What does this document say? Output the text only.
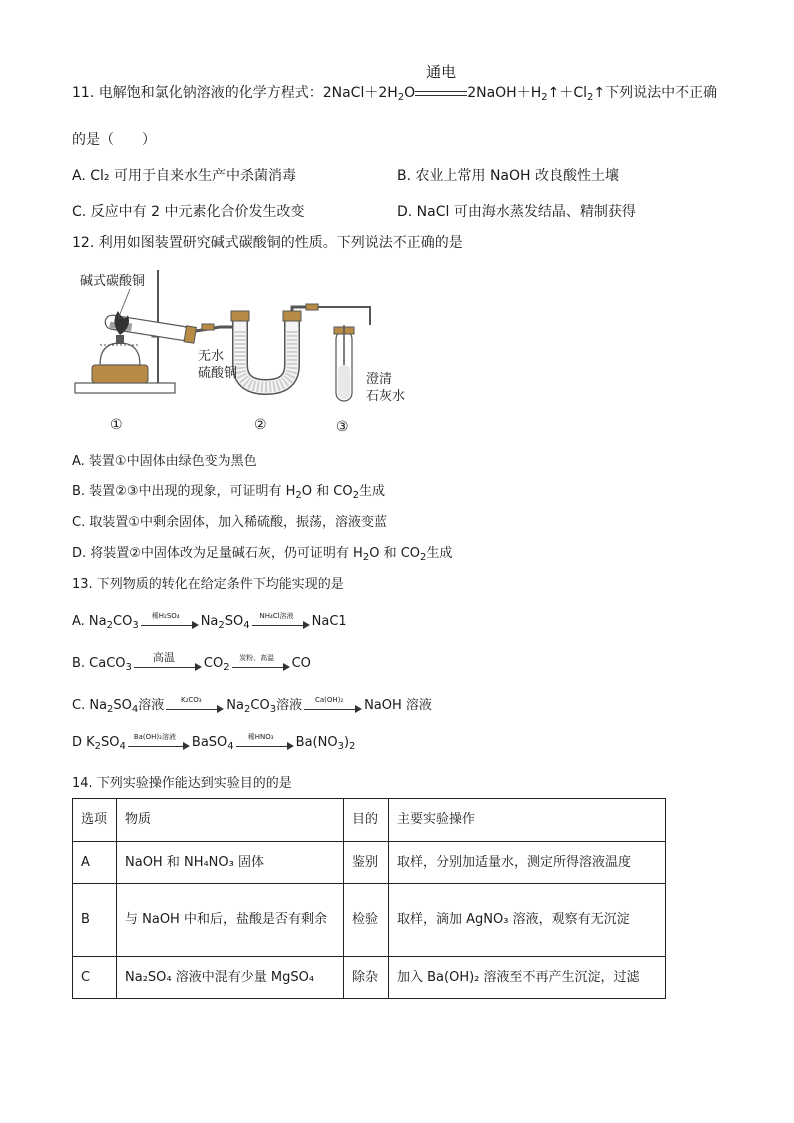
11. 电解饱和氯化钠溶液的化学方程式：$2NaCl+2H_2O$
通电
$2NaOH+H_2↑+Cl_2↑$下列说法中不正确
的是（　　）
A. Cl₂ 可用于自来水生产中杀菌消毒	B. 农业上常用 NaOH 改良酸性土壤
C. 反应中有 2 中元素化合价发生改变	D. NaCl 可由海水蒸发结晶、精制获得
12. 利用如图装置研究碱式碳酸铜的性质。下列说法不正确的是
碱式碳酸铜
无水
硫酸铜	澄清
石灰水
①	②	③
A. 装置①中固体由绿色变为黑色
B. 装置②③中出现的现象，可证明有 $H_2O$ 和 $CO_2$生成
C. 取装置①中剩余固体，加入稀硫酸，振荡，溶液变蓝
D. 将装置②中固体改为足量碱石灰，仍可证明有 $H_2O$ 和 $CO_2$生成
13. 下列物质的转化在给定条件下均能实现的是
A. $Na_2CO_3$
稀H₂SO₄	$Na_2SO_4$
NH₄Cl溶液	NaC1
B. CaCO$_3$
高温	$CO_2$
炭粉、高温	CO
C. $Na_2SO_4$溶液	K₂CO₃	$Na_2CO_3$溶液	Ca(OH)₂	NaOH 溶液
D $K_2SO_4$
Ba(OH)₂溶液	BaSO$_4$
稀HNO₃	$Ba(NO_3)_2$
14. 下列实验操作能达到实验目的的是
选项	物质	目的	主要实验操作
A	NaOH 和 NH₄NO₃ 固体	鉴别	取样，分别加适量水，测定所得溶液温度
B	与 NaOH 中和后，盐酸是否有剩余	检验	取样，滴加 AgNO₃ 溶液，观察有无沉淀
C	Na₂SO₄ 溶液中混有少量 MgSO₄	除杂	加入 Ba(OH)₂ 溶液至不再产生沉淀，过滤
